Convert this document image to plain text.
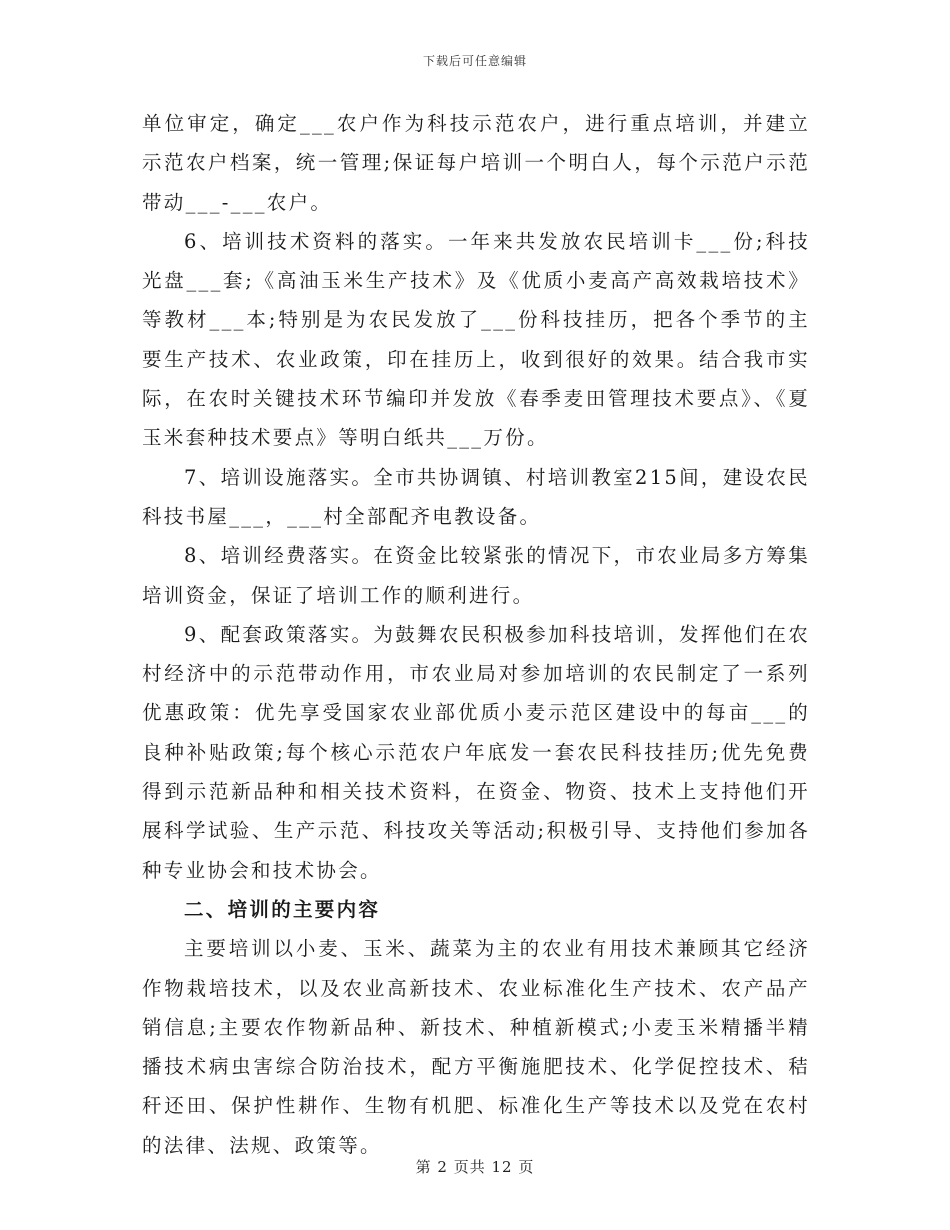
下载后可任意编辑

单位审定，确定___农户作为科技示范农户，进行重点培训，并建立示范农户档案，统一管理;保证每户培训一个明白人，每个示范户示范带动___-___农户。

6、培训技术资料的落实。一年来共发放农民培训卡___份;科技光盘___套;《高油玉米生产技术》及《优质小麦高产高效栽培技术》等教材___本;特别是为农民发放了___份科技挂历，把各个季节的主要生产技术、农业政策，印在挂历上，收到很好的效果。结合我市实际，在农时关键技术环节编印并发放《春季麦田管理技术要点》、《夏玉米套种技术要点》等明白纸共___万份。

7、培训设施落实。全市共协调镇、村培训教室215间，建设农民科技书屋___，___村全部配齐电教设备。

8、培训经费落实。在资金比较紧张的情况下，市农业局多方筹集培训资金，保证了培训工作的顺利进行。

9、配套政策落实。为鼓舞农民积极参加科技培训，发挥他们在农村经济中的示范带动作用，市农业局对参加培训的农民制定了一系列优惠政策：优先享受国家农业部优质小麦示范区建设中的每亩___的良种补贴政策;每个核心示范农户年底发一套农民科技挂历;优先免费得到示范新品种和相关技术资料，在资金、物资、技术上支持他们开展科学试验、生产示范、科技攻关等活动;积极引导、支持他们参加各种专业协会和技术协会。

二、培训的主要内容

主要培训以小麦、玉米、蔬菜为主的农业有用技术兼顾其它经济作物栽培技术，以及农业高新技术、农业标准化生产技术、农产品产销信息;主要农作物新品种、新技术、种植新模式;小麦玉米精播半精播技术病虫害综合防治技术，配方平衡施肥技术、化学促控技术、秸秆还田、保护性耕作、生物有机肥、标准化生产等技术以及党在农村的法律、法规、政策等。

第 2 页共 12 页
